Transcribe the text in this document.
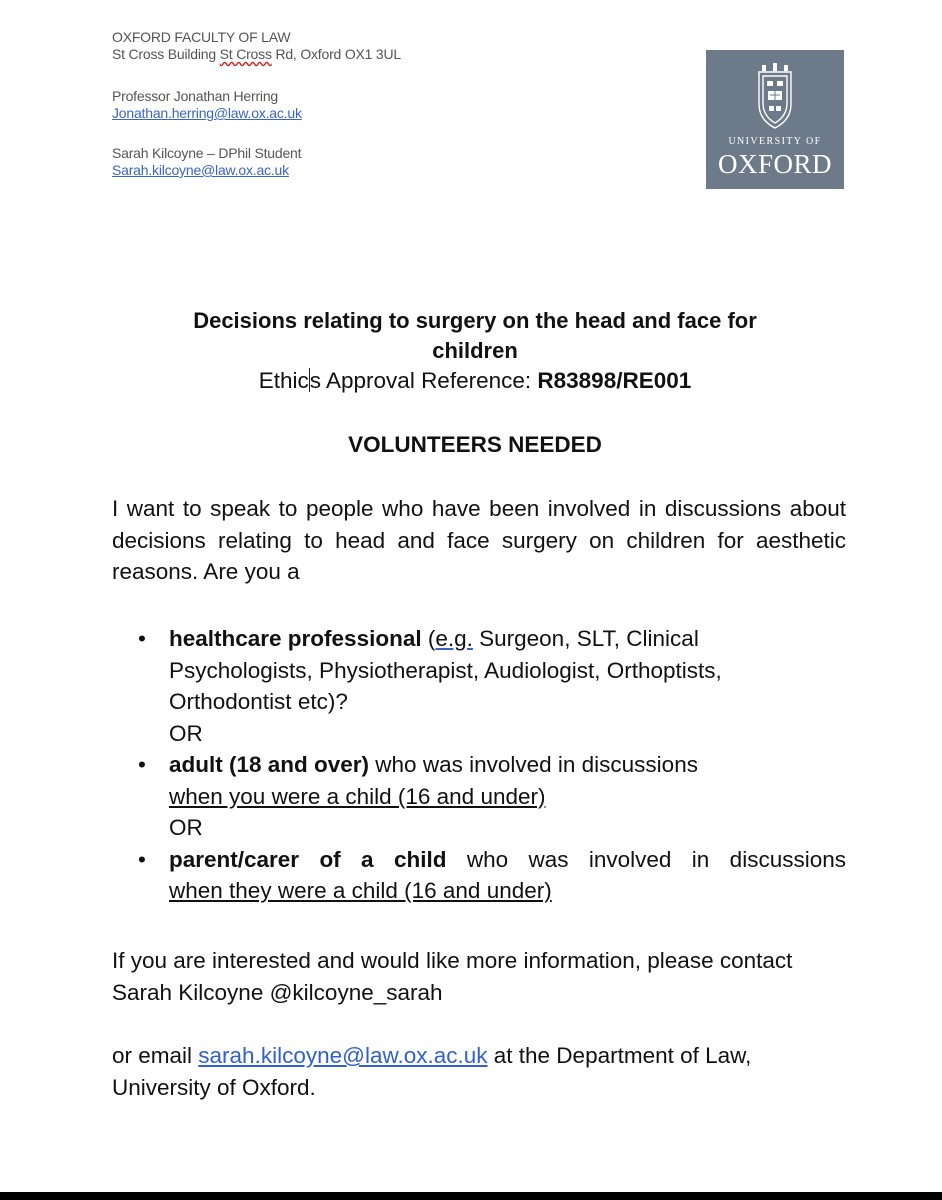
OXFORD FACULTY OF LAW
St Cross Building St Cross Rd, Oxford OX1 3UL
Professor Jonathan Herring
Jonathan.herring@law.ox.ac.uk
Sarah Kilcoyne – DPhil Student
Sarah.kilcoyne@law.ox.ac.uk
UNIVERSITY OF
OXFORD
Decisions relating to surgery on the head and face for
children
Ethics Approval Reference: R83898/RE001
VOLUNTEERS NEEDED
I want to speak to people who have been involved in discussions about decisions relating to head and face surgery on children for aesthetic reasons. Are you a
• healthcare professional (e.g. Surgeon, SLT, Clinical Psychologists, Physiotherapist, Audiologist, Orthoptists, Orthodontist etc)?
OR
• adult (18 and over) who was involved in discussions
when you were a child (16 and under)
OR
• parent/carer of a child who was involved in discussions when they were a child (16 and under)
If you are interested and would like more information, please contact Sarah Kilcoyne @kilcoyne_sarah
or email sarah.kilcoyne@law.ox.ac.uk at the Department of Law, University of Oxford.
